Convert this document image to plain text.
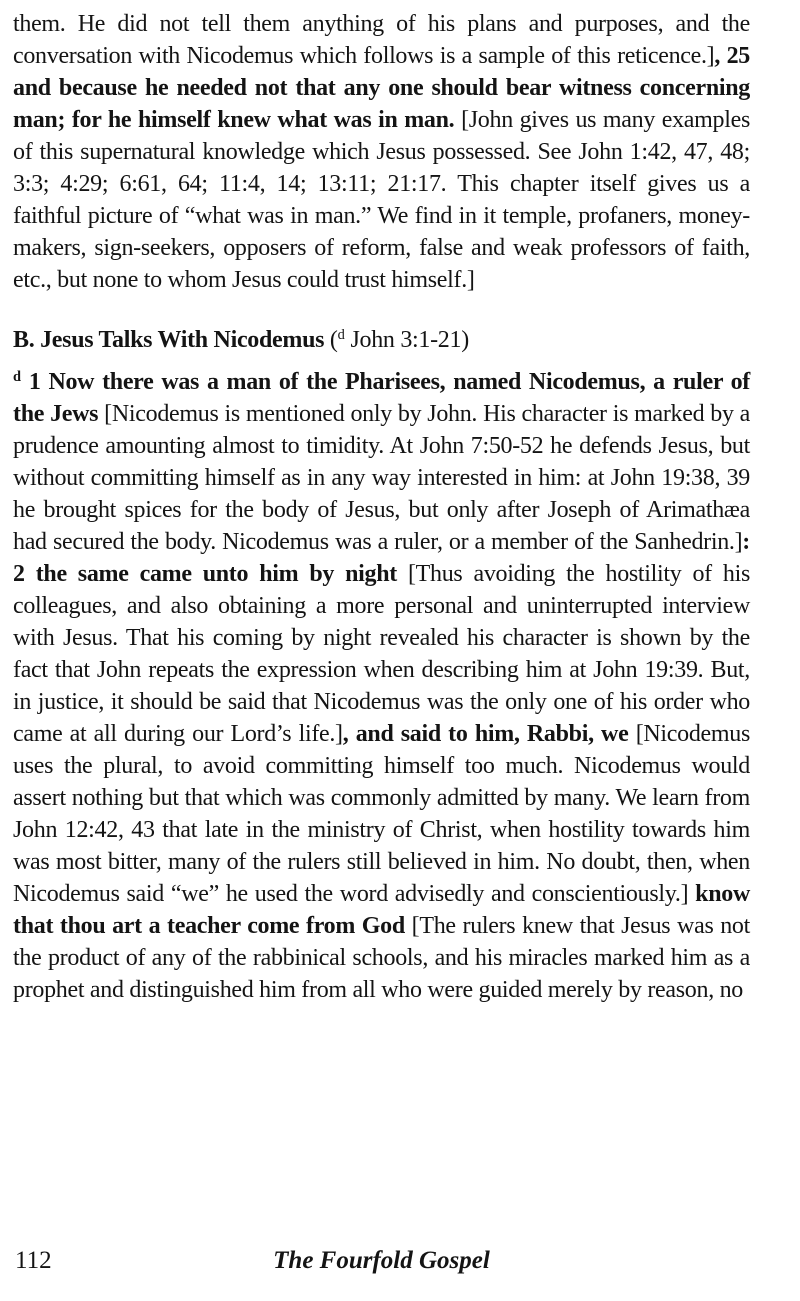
them. He did not tell them anything of his plans and purposes, and the conversation with Nicodemus which follows is a sample of this reticence.], 25 and because he needed not that any one should bear witness concerning man; for he himself knew what was in man. [John gives us many examples of this supernatural knowledge which Jesus possessed. See John 1:42, 47, 48; 3:3; 4:29; 6:61, 64; 11:4, 14; 13:11; 21:17. This chapter itself gives us a faithful picture of “what was in man.” We find in it temple, profaners, money-makers, sign-seekers, opposers of reform, false and weak professors of faith, etc., but none to whom Jesus could trust himself.]

B. Jesus Talks With Nicodemus ($^d$ John 3:1-21)

$^d$ 1 Now there was a man of the Pharisees, named Nicodemus, a ruler of the Jews [Nicodemus is mentioned only by John. His character is marked by a prudence amounting almost to timidity. At John 7:50-52 he defends Jesus, but without committing himself as in any way interested in him: at John 19:38, 39 he brought spices for the body of Jesus, but only after Joseph of Arimathæa had secured the body. Nicodemus was a ruler, or a member of the Sanhedrin.]: 2 the same came unto him by night [Thus avoiding the hostility of his colleagues, and also obtaining a more personal and uninterrupted interview with Jesus. That his coming by night revealed his character is shown by the fact that John repeats the expression when describing him at John 19:39. But, in justice, it should be said that Nicodemus was the only one of his order who came at all during our Lord’s life.], and said to him, Rabbi, we [Nicodemus uses the plural, to avoid committing himself too much. Nicodemus would assert nothing but that which was commonly admitted by many. We learn from John 12:42, 43 that late in the ministry of Christ, when hostility towards him was most bitter, many of the rulers still believed in him. No doubt, then, when Nicodemus said “we” he used the word advisedly and conscientiously.] know that thou art a teacher come from God [The rulers knew that Jesus was not the product of any of the rabbinical schools, and his miracles marked him as a prophet and distinguished him from all who were guided merely by reason, no

112	The Fourfold Gospel
